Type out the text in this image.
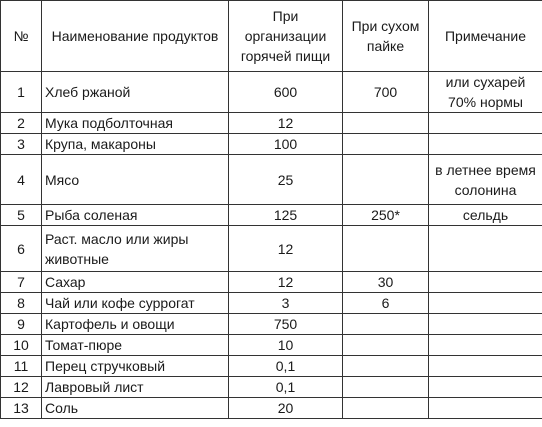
№	Наименование продуктов	При организации горячей пищи	При сухом пайке	Примечание
1	Хлеб ржаной	600	700	или сухарей 70% нормы
2	Мука подболточная	12		
3	Крупа, макароны	100		
4	Мясо	25		в летнее время солонина
5	Рыба соленая	125	250*	сельдь
6	Раст. масло или жиры животные	12		
7	Сахар	12	30	
8	Чай или кофе суррогат	3	6	
9	Картофель и овощи	750		
10	Томат-пюре	10		
11	Перец стручковый	0,1		
12	Лавровый лист	0,1		
13	Соль	20		
